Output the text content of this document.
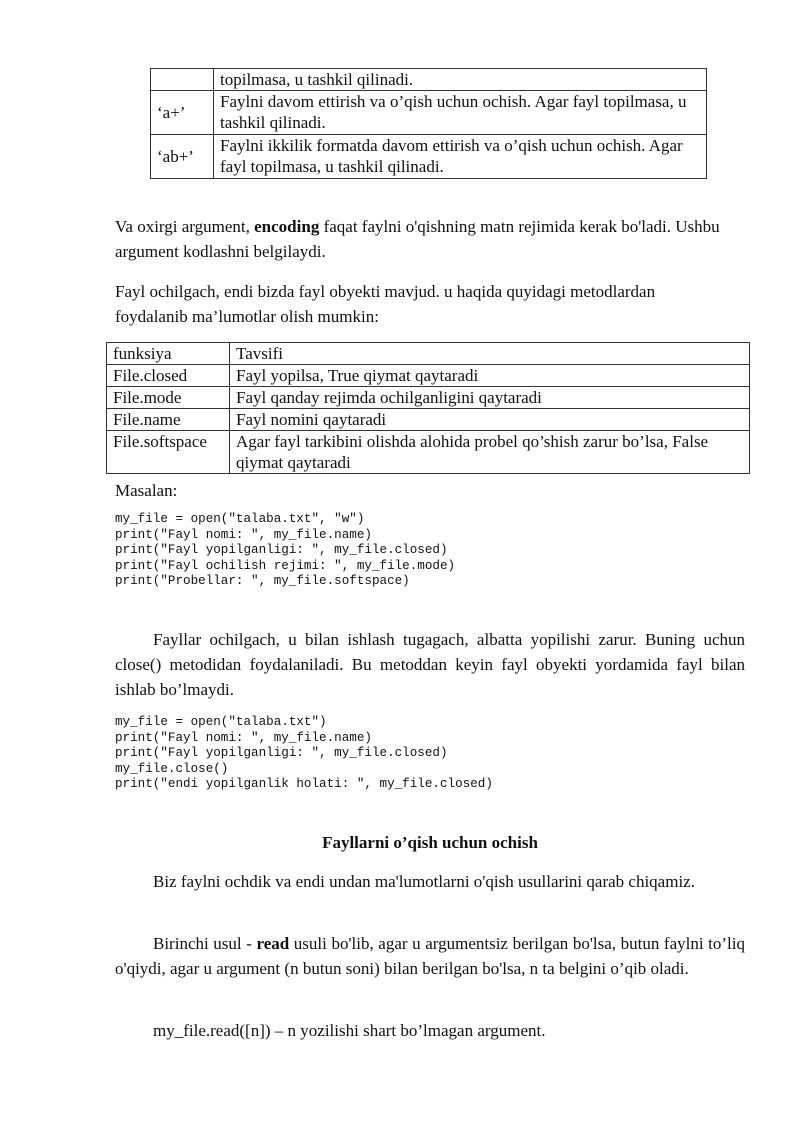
	topilmasa, u tashkil qilinadi.
‘a+’	Faylni davom ettirish va o’qish uchun ochish. Agar fayl topilmasa, u tashkil qilinadi.
‘ab+’	Faylni ikkilik formatda davom ettirish va o’qish uchun ochish. Agar fayl topilmasa, u tashkil qilinadi.

Va oxirgi argument, encoding faqat faylni o'qishning matn rejimida kerak bo'ladi. Ushbu argument kodlashni belgilaydi.

Fayl ochilgach, endi bizda fayl obyekti mavjud. u haqida quyidagi metodlardan foydalanib ma’lumotlar olish mumkin:

funksiya	Tavsifi
File.closed	Fayl yopilsa, True qiymat qaytaradi
File.mode	Fayl qanday rejimda ochilganligini qaytaradi
File.name	Fayl nomini qaytaradi
File.softspace	Agar fayl tarkibini olishda alohida probel qo’shish zarur bo’lsa, False qiymat qaytaradi

Masalan:

my_file = open("talaba.txt", "w")
print("Fayl nomi: ", my_file.name)
print("Fayl yopilganligi: ", my_file.closed)
print("Fayl ochilish rejimi: ", my_file.mode)
print("Probellar: ", my_file.softspace)

Fayllar ochilgach, u bilan ishlash tugagach, albatta yopilishi zarur. Buning uchun close() metodidan foydalaniladi. Bu metoddan keyin fayl obyekti yordamida fayl bilan ishlab bo’lmaydi.

my_file = open("talaba.txt")
print("Fayl nomi: ", my_file.name)
print("Fayl yopilganligi: ", my_file.closed)
my_file.close()
print("endi yopilganlik holati: ", my_file.closed)

Fayllarni o’qish uchun ochish

Biz faylni ochdik va endi undan ma'lumotlarni o'qish usullarini qarab chiqamiz.

Birinchi usul - read usuli bo'lib, agar u argumentsiz berilgan bo'lsa, butun faylni to’liq o'qiydi, agar u argument (n butun soni) bilan berilgan bo'lsa, n ta belgini o’qib oladi.

my_file.read([n]) – n yozilishi shart bo’lmagan argument.
